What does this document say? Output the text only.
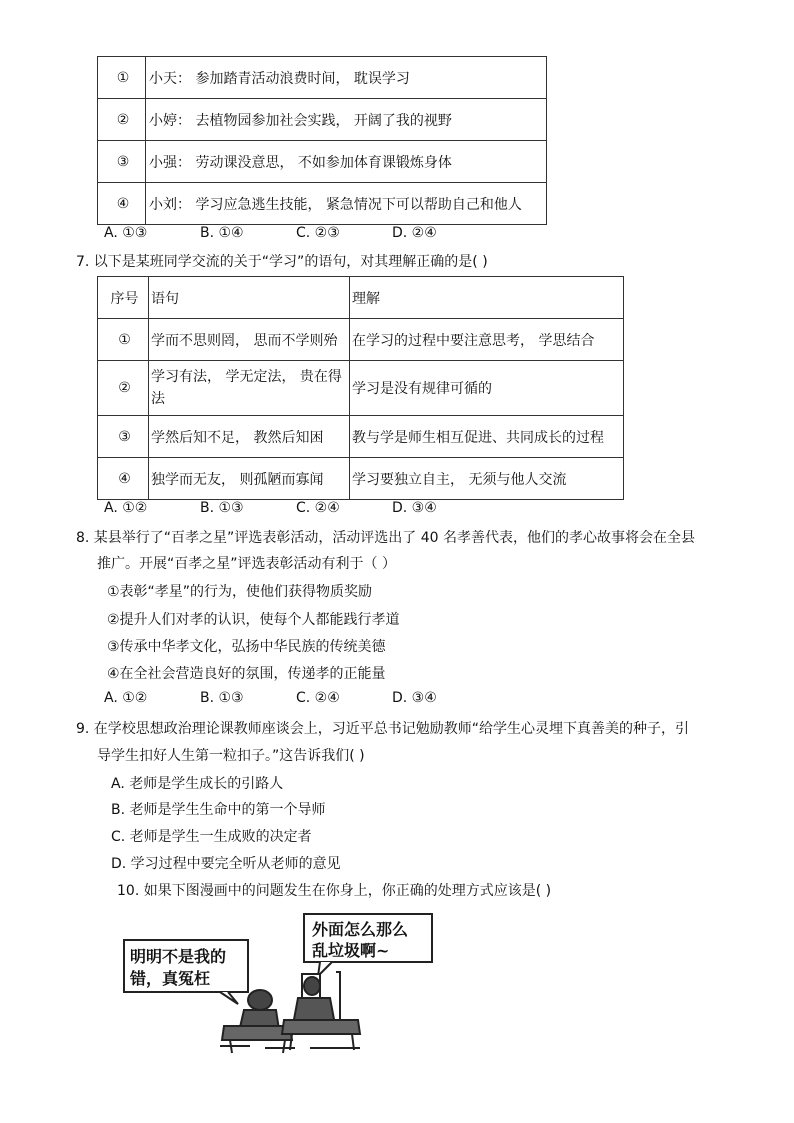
①	小天： 参加踏青活动浪费时间， 耽误学习
②	小婷： 去植物园参加社会实践， 开阔了我的视野
③	小强： 劳动课没意思， 不如参加体育课锻炼身体
④	小刘： 学习应急逃生技能， 紧急情况下可以帮助自己和他人
A. ①③	B. ①④	C. ②③	D. ②④
7. 以下是某班同学交流的关于“学习”的语句，对其理解正确的是( )
序号	语句	理解
①	学而不思则罔， 思而不学则殆	在学习的过程中要注意思考， 学思结合
②	学习有法， 学无定法， 贵在得法	学习是没有规律可循的
③	学然后知不足， 教然后知困	教与学是师生相互促进、共同成长的过程
④	独学而无友， 则孤陋而寡闻	学习要独立自主， 无须与他人交流
A. ①②	B. ①③	C. ②④	D. ③④
8. 某县举行了“百孝之星”评选表彰活动，活动评选出了 40 名孝善代表，他们的孝心故事将会在全县
推广。开展“百孝之星”评选表彰活动有利于（ ）
①表彰“孝星”的行为，使他们获得物质奖励
②提升人们对孝的认识，使每个人都能践行孝道
③传承中华孝文化，弘扬中华民族的传统美德
④在全社会营造良好的氛围，传递孝的正能量
A. ①②	B. ①③	C. ②④	D. ③④
9. 在学校思想政治理论课教师座谈会上，习近平总书记勉励教师“给学生心灵埋下真善美的种子，引
导学生扣好人生第一粒扣子。”这告诉我们( )
A. 老师是学生成长的引路人
B. 老师是学生生命中的第一个导师
C. 老师是学生一生成败的决定者
D. 学习过程中要完全听从老师的意见
10. 如果下图漫画中的问题发生在你身上，你正确的处理方式应该是( )
明明不是我的
错，真冤枉
外面怎么那么
乱垃圾啊~
